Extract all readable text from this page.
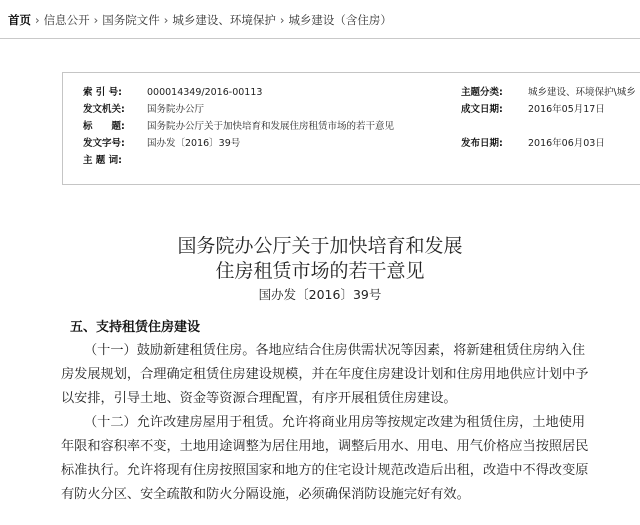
首页 › 信息公开 › 国务院文件 › 城乡建设、环境保护 › 城乡建设（含住房）
索 引 号:	000014349/2016-00113	主题分类:	城乡建设、环境保护\城乡
发文机关:	国务院办公厅	成文日期:	2016年05月17日
标　　题:	国务院办公厅关于加快培育和发展住房租赁市场的若干意见
发文字号:	国办发〔2016〕39号	发布日期:	2016年06月03日
主 题 词:
国务院办公厅关于加快培育和发展
住房租赁市场的若干意见
国办发〔2016〕39号
五、支持租赁住房建设
（十一）鼓励新建租赁住房。各地应结合住房供需状况等因素，将新建租赁住房纳入住
房发展规划，合理确定租赁住房建设规模，并在年度住房建设计划和住房用地供应计划中予
以安排，引导土地、资金等资源合理配置，有序开展租赁住房建设。
（十二）允许改建房屋用于租赁。允许将商业用房等按规定改建为租赁住房，土地使用
年限和容积率不变，土地用途调整为居住用地，调整后用水、用电、用气价格应当按照居民
标准执行。允许将现有住房按照国家和地方的住宅设计规范改造后出租，改造中不得改变原
有防火分区、安全疏散和防火分隔设施，必须确保消防设施完好有效。
